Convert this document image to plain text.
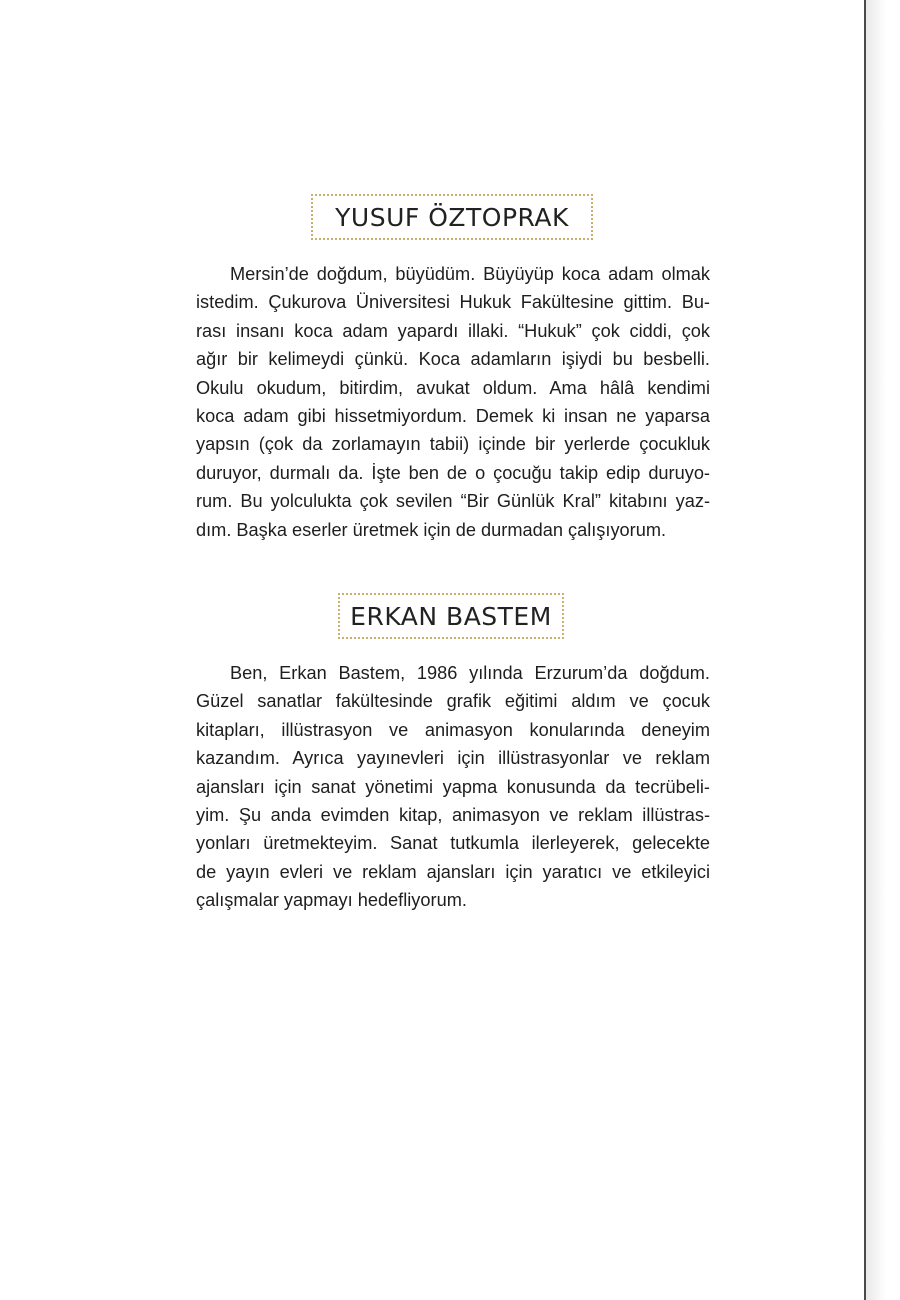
YUSUF ÖZTOPRAK
Mersin’de doğdum, büyüdüm. Büyüyüp koca adam olmak
istedim. Çukurova Üniversitesi Hukuk Fakültesine gittim. Bu-
rası insanı koca adam yapardı illaki. “Hukuk” çok ciddi, çok
ağır bir kelimeydi çünkü. Koca adamların işiydi bu besbelli.
Okulu okudum, bitirdim, avukat oldum. Ama hâlâ kendimi
koca adam gibi hissetmiyordum. Demek ki insan ne yaparsa
yapsın (çok da zorlamayın tabii) içinde bir yerlerde çocukluk
duruyor, durmalı da. İşte ben de o çocuğu takip edip duruyo-
rum. Bu yolculukta çok sevilen “Bir Günlük Kral” kitabını yaz-
dım. Başka eserler üretmek için de durmadan çalışıyorum.
ERKAN BASTEM
Ben, Erkan Bastem, 1986 yılında Erzurum’da doğdum.
Güzel sanatlar fakültesinde grafik eğitimi aldım ve çocuk
kitapları, illüstrasyon ve animasyon konularında deneyim
kazandım. Ayrıca yayınevleri için illüstrasyonlar ve reklam
ajansları için sanat yönetimi yapma konusunda da tecrübeli-
yim. Şu anda evimden kitap, animasyon ve reklam illüstras-
yonları üretmekteyim. Sanat tutkumla ilerleyerek, gelecekte
de yayın evleri ve reklam ajansları için yaratıcı ve etkileyici
çalışmalar yapmayı hedefliyorum.
